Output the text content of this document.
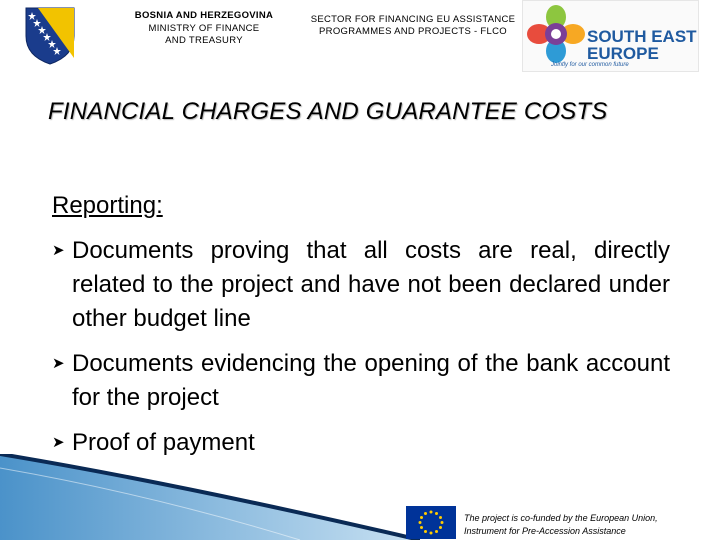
BOSNIA AND HERZEGOVINA
MINISTRY OF FINANCE
AND TREASURY
SECTOR FOR FINANCING EU ASSISTANCE
PROGRAMMES AND PROJECTS - FLCO	SOUTH EAST
EUROPE
Jointly for our common future
FINANCIAL CHARGES AND GUARANTEE COSTS
Reporting:
➤ Documents proving that all costs are real, directly related to the project and have not been declared under other budget line
➤ Documents evidencing the opening of the bank account for the project
➤ Proof of payment
The project is co-funded by the European Union,
Instrument for Pre-Accession Assistance
